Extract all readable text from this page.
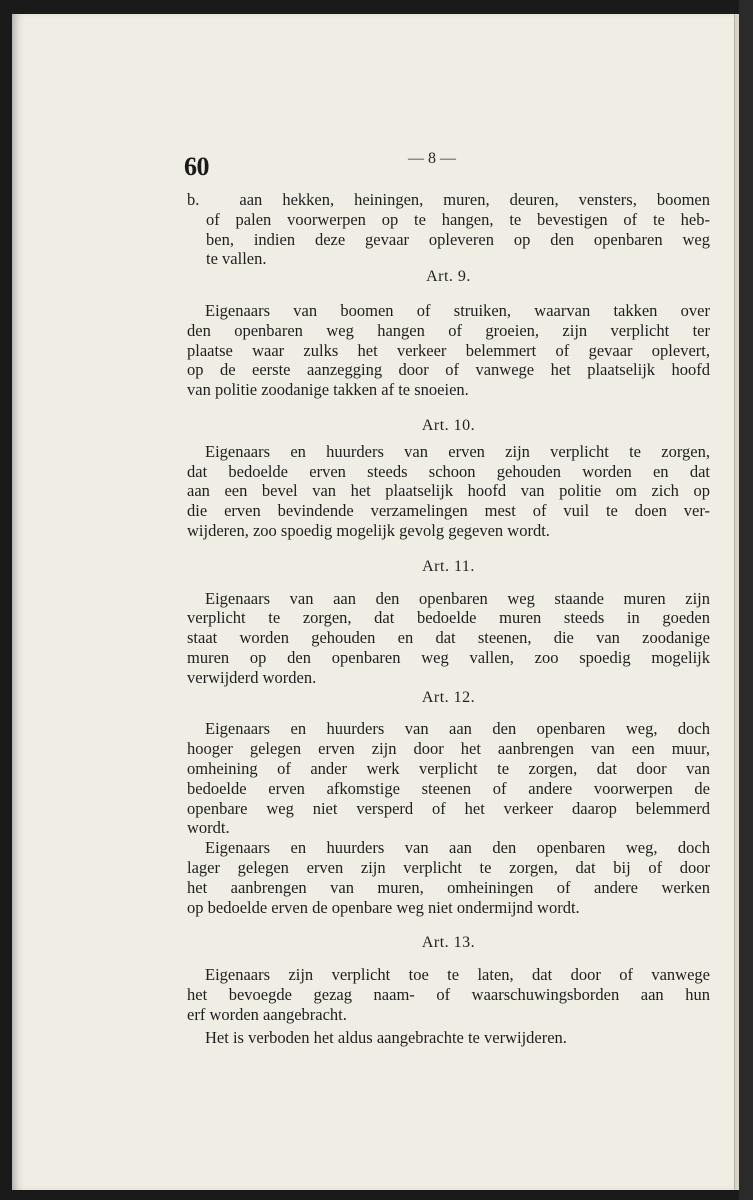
60	— 8 —
b. aan hekken, heiningen, muren, deuren, vensters, boomen
of palen voorwerpen op te hangen, te bevestigen of te heb-
ben, indien deze gevaar opleveren op den openbaren weg
te vallen.
Art. 9.
Eigenaars van boomen of struiken, waarvan takken over
den openbaren weg hangen of groeien, zijn verplicht ter
plaatse waar zulks het verkeer belemmert of gevaar oplevert,
op de eerste aanzegging door of vanwege het plaatselijk hoofd
van politie zoodanige takken af te snoeien.
Art. 10.
Eigenaars en huurders van erven zijn verplicht te zorgen,
dat bedoelde erven steeds schoon gehouden worden en dat
aan een bevel van het plaatselijk hoofd van politie om zich op
die erven bevindende verzamelingen mest of vuil te doen ver-
wijderen, zoo spoedig mogelijk gevolg gegeven wordt.
Art. 11.
Eigenaars van aan den openbaren weg staande muren zijn
verplicht te zorgen, dat bedoelde muren steeds in goeden
staat worden gehouden en dat steenen, die van zoodanige
muren op den openbaren weg vallen, zoo spoedig mogelijk
verwijderd worden.
Art. 12.
Eigenaars en huurders van aan den openbaren weg, doch
hooger gelegen erven zijn door het aanbrengen van een muur,
omheining of ander werk verplicht te zorgen, dat door van
bedoelde erven afkomstige steenen of andere voorwerpen de
openbare weg niet versperd of het verkeer daarop belemmerd
wordt.
Eigenaars en huurders van aan den openbaren weg, doch
lager gelegen erven zijn verplicht te zorgen, dat bij of door
het aanbrengen van muren, omheiningen of andere werken
op bedoelde erven de openbare weg niet ondermijnd wordt.
Art. 13.
Eigenaars zijn verplicht toe te laten, dat door of vanwege
het bevoegde gezag naam- of waarschuwingsborden aan hun
erf worden aangebracht.
Het is verboden het aldus aangebrachte te verwijderen.
